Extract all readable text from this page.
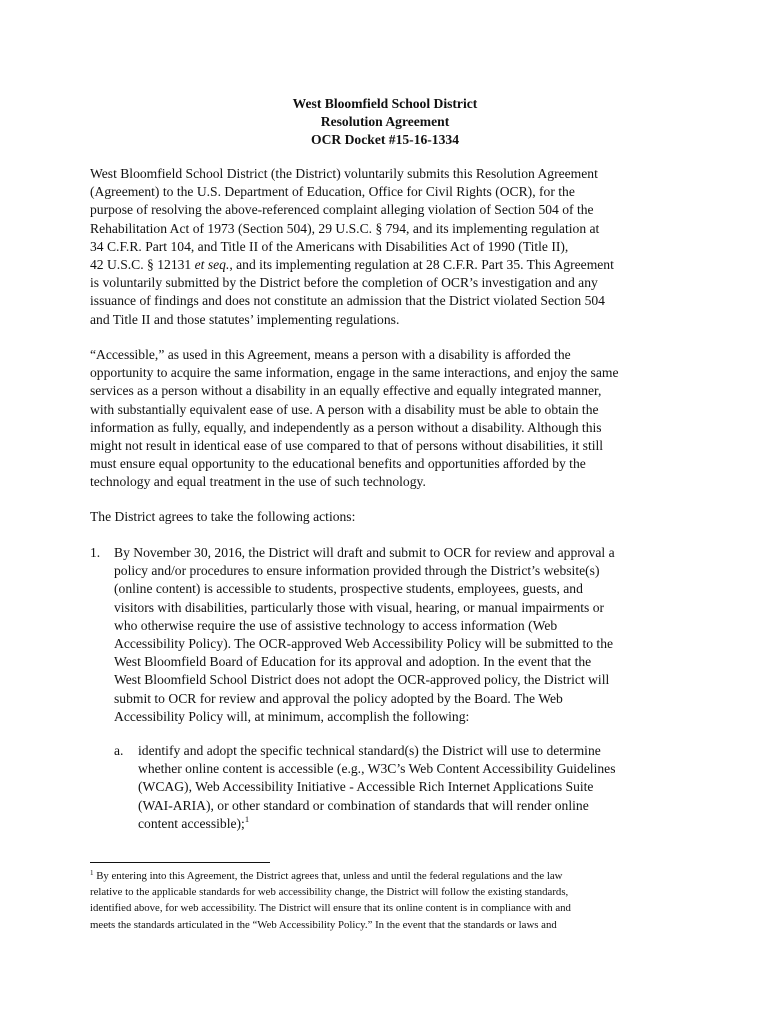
West Bloomfield School District
Resolution Agreement
OCR Docket #15-16-1334
West Bloomfield School District (the District) voluntarily submits this Resolution Agreement
(Agreement) to the U.S. Department of Education, Office for Civil Rights (OCR), for the
purpose of resolving the above-referenced complaint alleging violation of Section 504 of the
Rehabilitation Act of 1973 (Section 504), 29 U.S.C. § 794, and its implementing regulation at
34 C.F.R. Part 104, and Title II of the Americans with Disabilities Act of 1990 (Title II),
42 U.S.C. § 12131 et seq., and its implementing regulation at 28 C.F.R. Part 35. This Agreement
is voluntarily submitted by the District before the completion of OCR’s investigation and any
issuance of findings and does not constitute an admission that the District violated Section 504
and Title II and those statutes’ implementing regulations.
“Accessible,” as used in this Agreement, means a person with a disability is afforded the
opportunity to acquire the same information, engage in the same interactions, and enjoy the same
services as a person without a disability in an equally effective and equally integrated manner,
with substantially equivalent ease of use. A person with a disability must be able to obtain the
information as fully, equally, and independently as a person without a disability. Although this
might not result in identical ease of use compared to that of persons without disabilities, it still
must ensure equal opportunity to the educational benefits and opportunities afforded by the
technology and equal treatment in the use of such technology.
The District agrees to take the following actions:
1. By November 30, 2016, the District will draft and submit to OCR for review and approval a
policy and/or procedures to ensure information provided through the District’s website(s)
(online content) is accessible to students, prospective students, employees, guests, and
visitors with disabilities, particularly those with visual, hearing, or manual impairments or
who otherwise require the use of assistive technology to access information (Web
Accessibility Policy). The OCR-approved Web Accessibility Policy will be submitted to the
West Bloomfield Board of Education for its approval and adoption. In the event that the
West Bloomfield School District does not adopt the OCR-approved policy, the District will
submit to OCR for review and approval the policy adopted by the Board. The Web
Accessibility Policy will, at minimum, accomplish the following:
a. identify and adopt the specific technical standard(s) the District will use to determine
whether online content is accessible (e.g., W3C’s Web Content Accessibility Guidelines
(WCAG), Web Accessibility Initiative - Accessible Rich Internet Applications Suite
(WAI-ARIA), or other standard or combination of standards that will render online
content accessible);$^1$
$^1$ By entering into this Agreement, the District agrees that, unless and until the federal regulations and the law
relative to the applicable standards for web accessibility change, the District will follow the existing standards,
identified above, for web accessibility. The District will ensure that its online content is in compliance with and
meets the standards articulated in the “Web Accessibility Policy.” In the event that the standards or laws and
